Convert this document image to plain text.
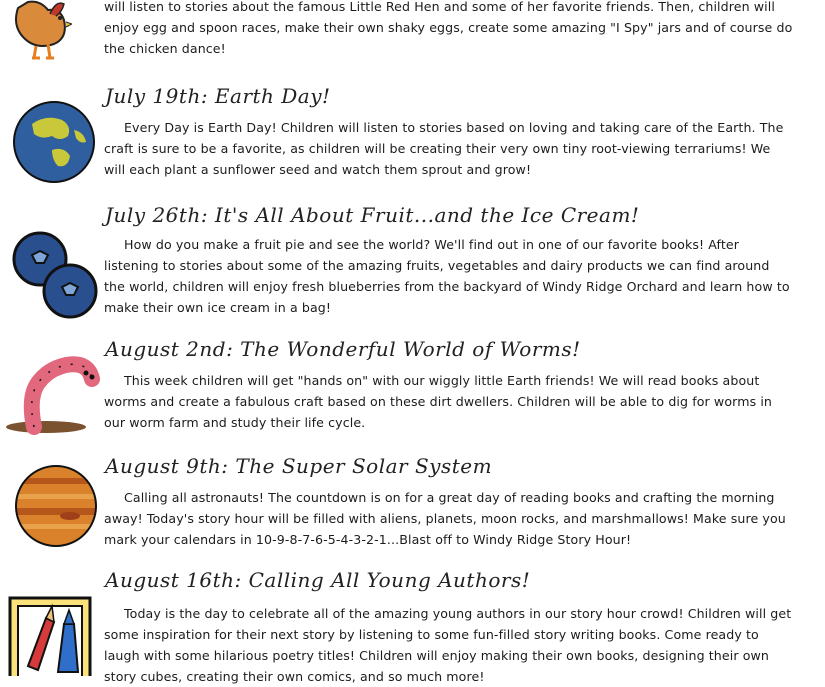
will listen to stories about the famous Little Red Hen and some of her favorite friends. Then, children will enjoy egg and spoon races, make their own shaky eggs, create some amazing "I Spy" jars and of course do the chicken dance!
July 19th: Earth Day!
Every Day is Earth Day! Children will listen to stories based on loving and taking care of the Earth. The craft is sure to be a favorite, as children will be creating their very own tiny root-viewing terrariums! We will each plant a sunflower seed and watch them sprout and grow!
July 26th: It's All About Fruit...and the Ice Cream!
How do you make a fruit pie and see the world? We'll find out in one of our favorite books! After listening to stories about some of the amazing fruits, vegetables and dairy products we can find around the world, children will enjoy fresh blueberries from the backyard of Windy Ridge Orchard and learn how to make their own ice cream in a bag!
August 2nd: The Wonderful World of Worms!
This week children will get "hands on" with our wiggly little Earth friends! We will read books about worms and create a fabulous craft based on these dirt dwellers. Children will be able to dig for worms in our worm farm and study their life cycle.
August 9th: The Super Solar System
Calling all astronauts! The countdown is on for a great day of reading books and crafting the morning away! Today's story hour will be filled with aliens, planets, moon rocks, and marshmallows! Make sure you mark your calendars in 10-9-8-7-6-5-4-3-2-1...Blast off to Windy Ridge Story Hour!
August 16th: Calling All Young Authors!
Today is the day to celebrate all of the amazing young authors in our story hour crowd! Children will get some inspiration for their next story by listening to some fun-filled story writing books. Come ready to laugh with some hilarious poetry titles! Children will enjoy making their own books, designing their own story cubes, creating their own comics, and so much more!
